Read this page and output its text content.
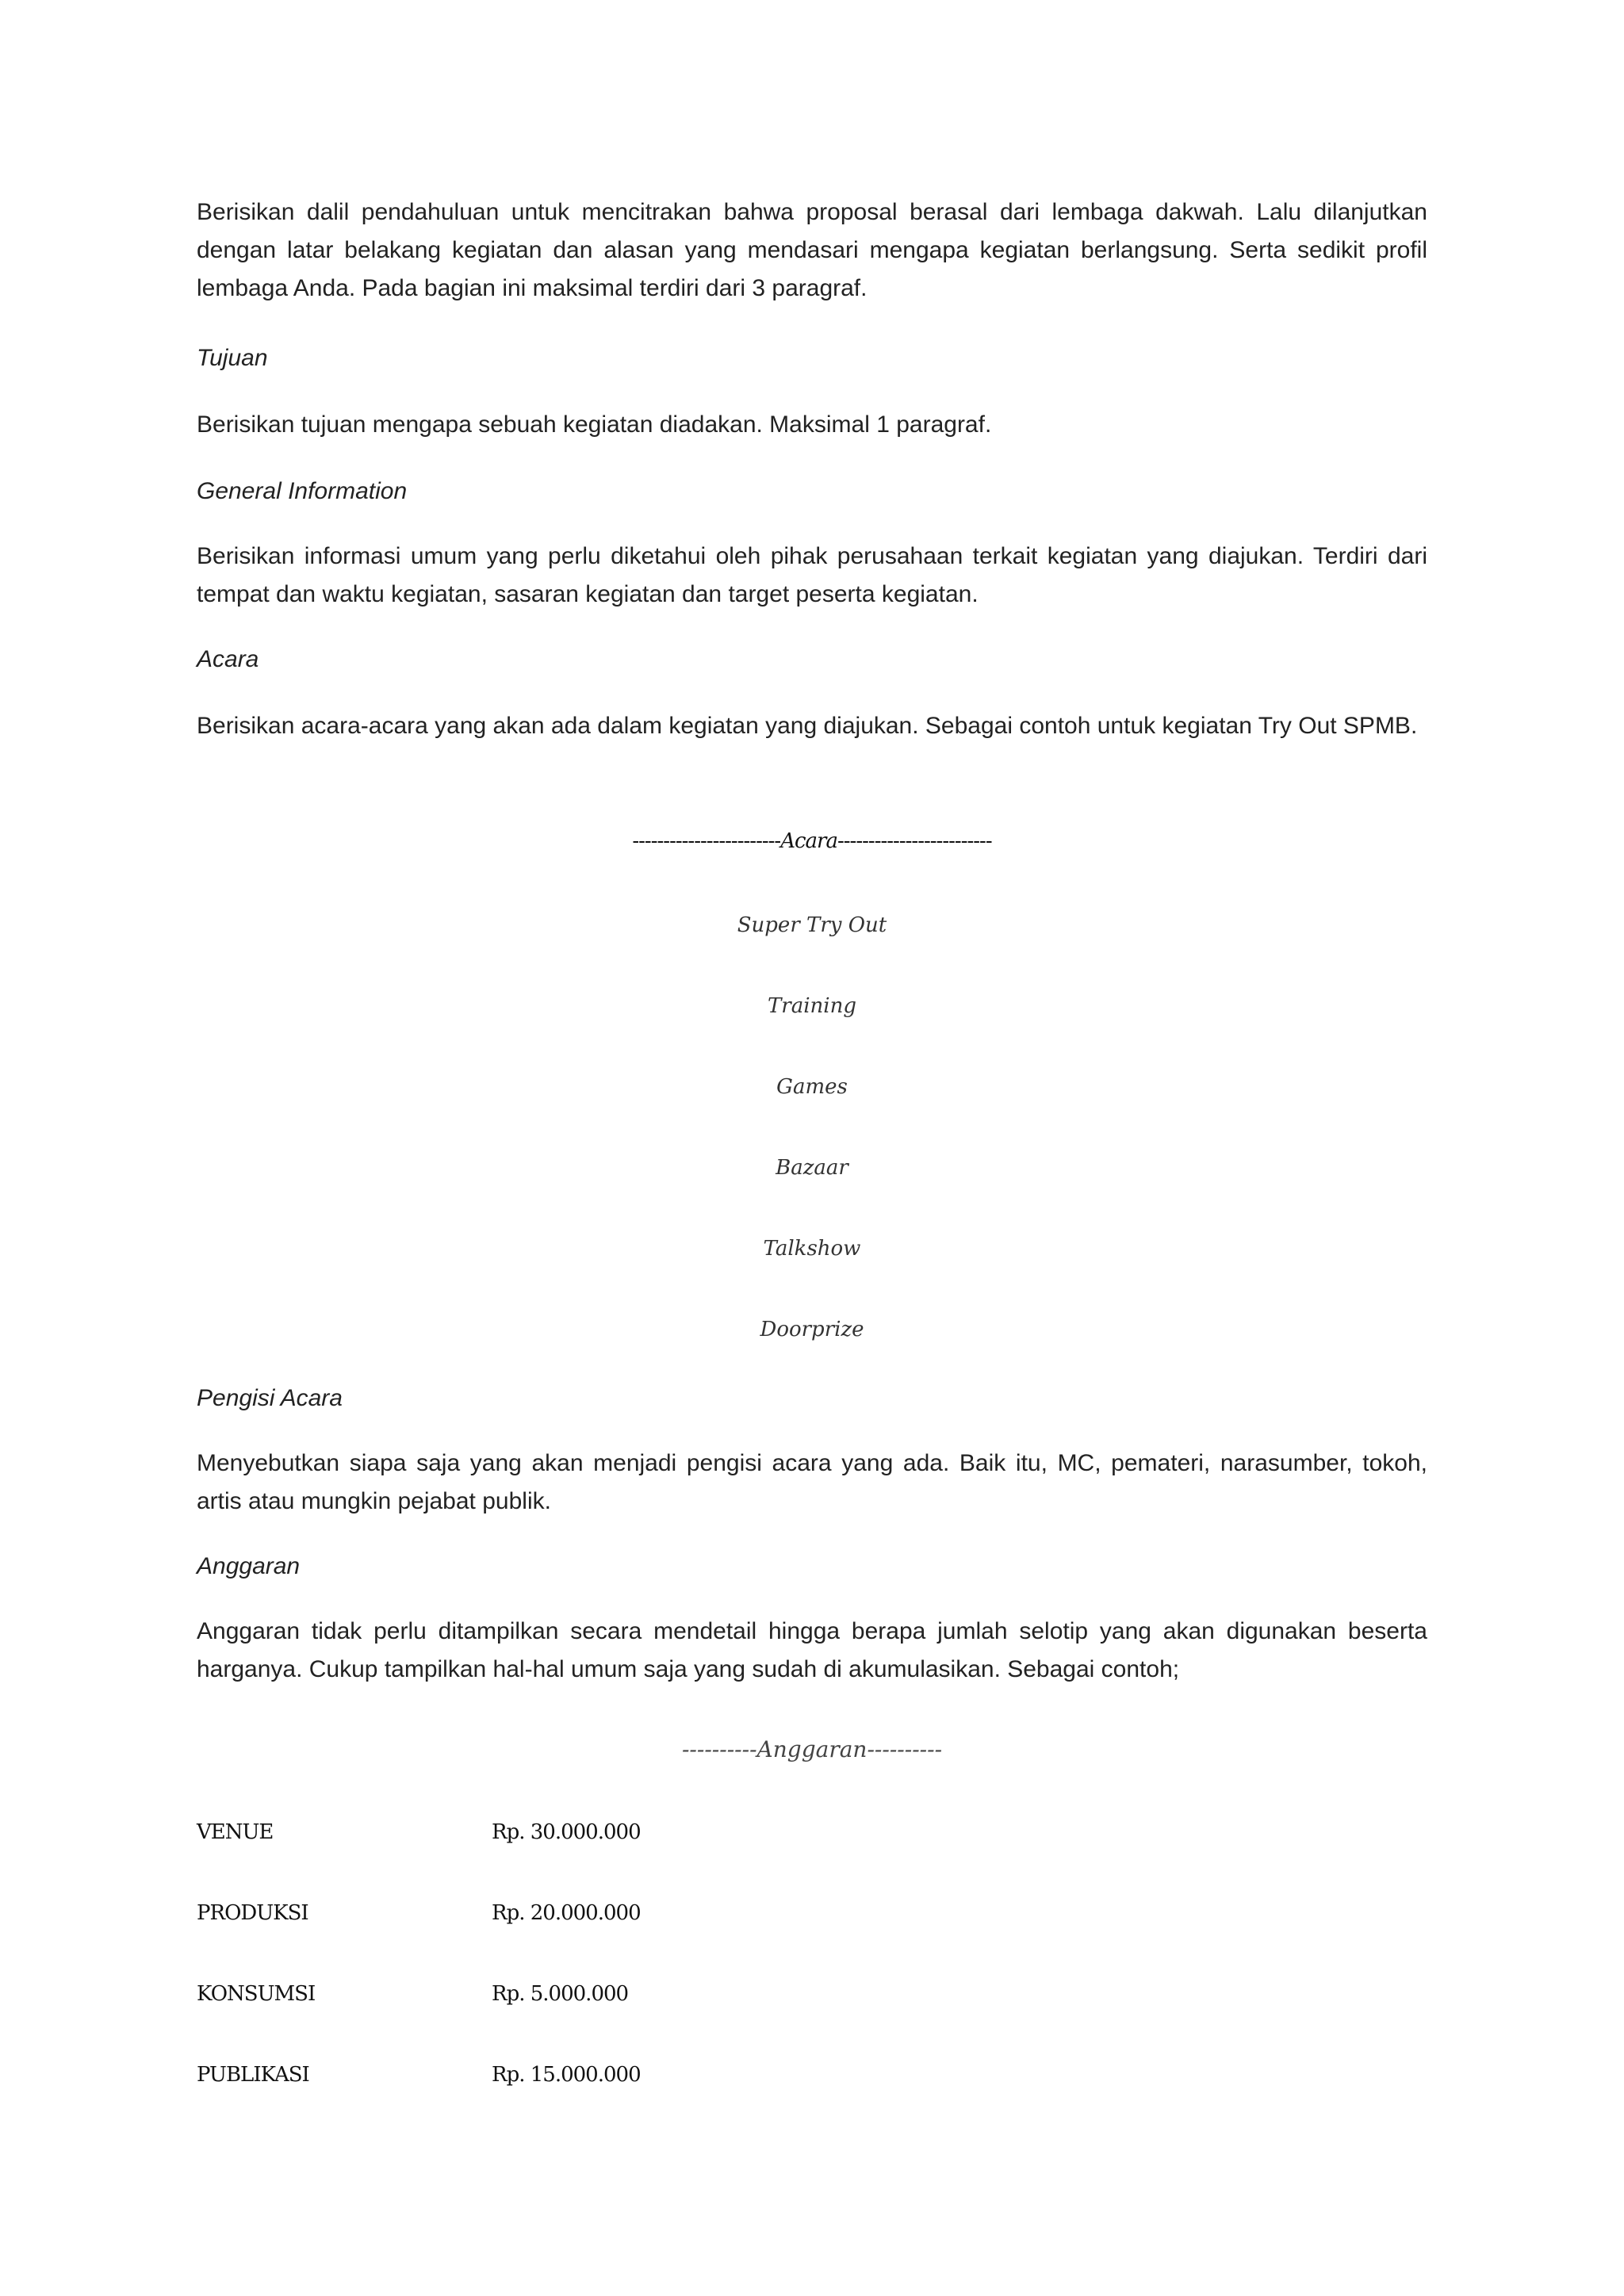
Berisikan dalil pendahuluan untuk mencitrakan bahwa proposal berasal dari lembaga dakwah. Lalu dilanjutkan dengan latar belakang kegiatan dan alasan yang mendasari mengapa kegiatan berlangsung. Serta sedikit profil lembaga Anda. Pada bagian ini maksimal terdiri dari 3 paragraf.

Tujuan

Berisikan tujuan mengapa sebuah kegiatan diadakan. Maksimal 1 paragraf.

General Information

Berisikan informasi umum yang perlu diketahui oleh pihak perusahaan terkait kegiatan yang diajukan. Terdiri dari tempat dan waktu kegiatan, sasaran kegiatan dan target peserta kegiatan.

Acara

Berisikan acara-acara yang akan ada dalam kegiatan yang diajukan. Sebagai contoh untuk kegiatan Try Out SPMB.

------------------------Acara-------------------------
Super Try Out
Training
Games
Bazaar
Talkshow
Doorprize

Pengisi Acara

Menyebutkan siapa saja yang akan menjadi pengisi acara yang ada. Baik itu, MC, pemateri, narasumber, tokoh, artis atau mungkin pejabat publik.

Anggaran

Anggaran tidak perlu ditampilkan secara mendetail hingga berapa jumlah selotip yang akan digunakan beserta harganya. Cukup tampilkan hal-hal umum saja yang sudah di akumulasikan. Sebagai contoh;

----------Anggaran----------
VENUE	Rp. 30.000.000
PRODUKSI	Rp. 20.000.000
KONSUMSI	Rp. 5.000.000
PUBLIKASI	Rp. 15.000.000
